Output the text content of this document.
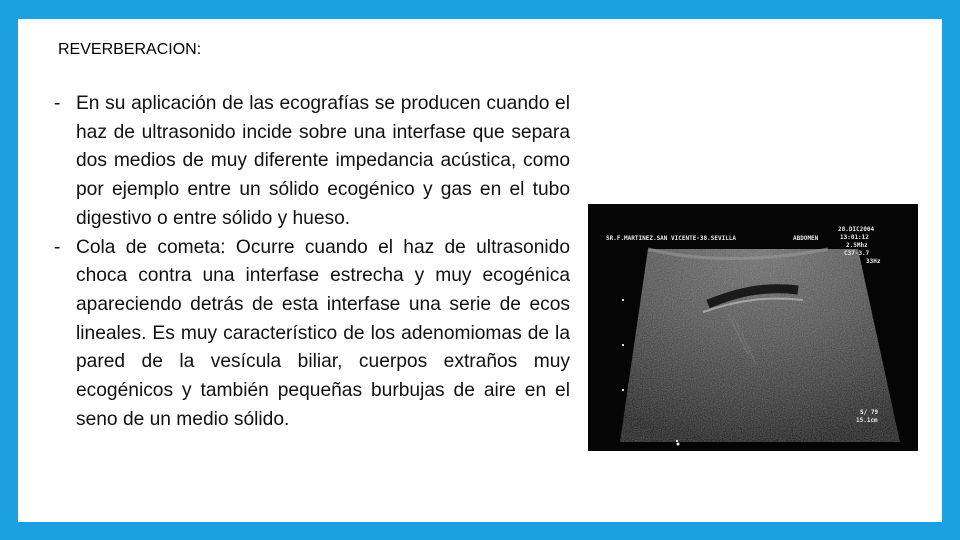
REVERBERACION:
- En su aplicación de las ecografías se producen cuando el haz de ultrasonido incide sobre una interfase que separa dos medios de muy diferente impedancia acústica, como por ejemplo entre un sólido ecogénico y gas en el tubo digestivo o entre sólido y hueso.
- Cola de cometa: Ocurre cuando el haz de ultrasonido choca contra una interfase estrecha y muy ecogénica apareciendo detrás de esta interfase una serie de ecos lineales. Es muy característico de los adenomiomas de la pared de la vesícula biliar, cuerpos extraños muy ecogénicos y también pequeñas burbujas de aire en el seno de un medio sólido.
SR.F.MARTINEZ.SAN VICENTE-38.SEVILLA	ABDOMEN
28.DIC2004
13:01:12
2.5Mhz
C37-3.7
33Hz
S/ 79
15.1cm
